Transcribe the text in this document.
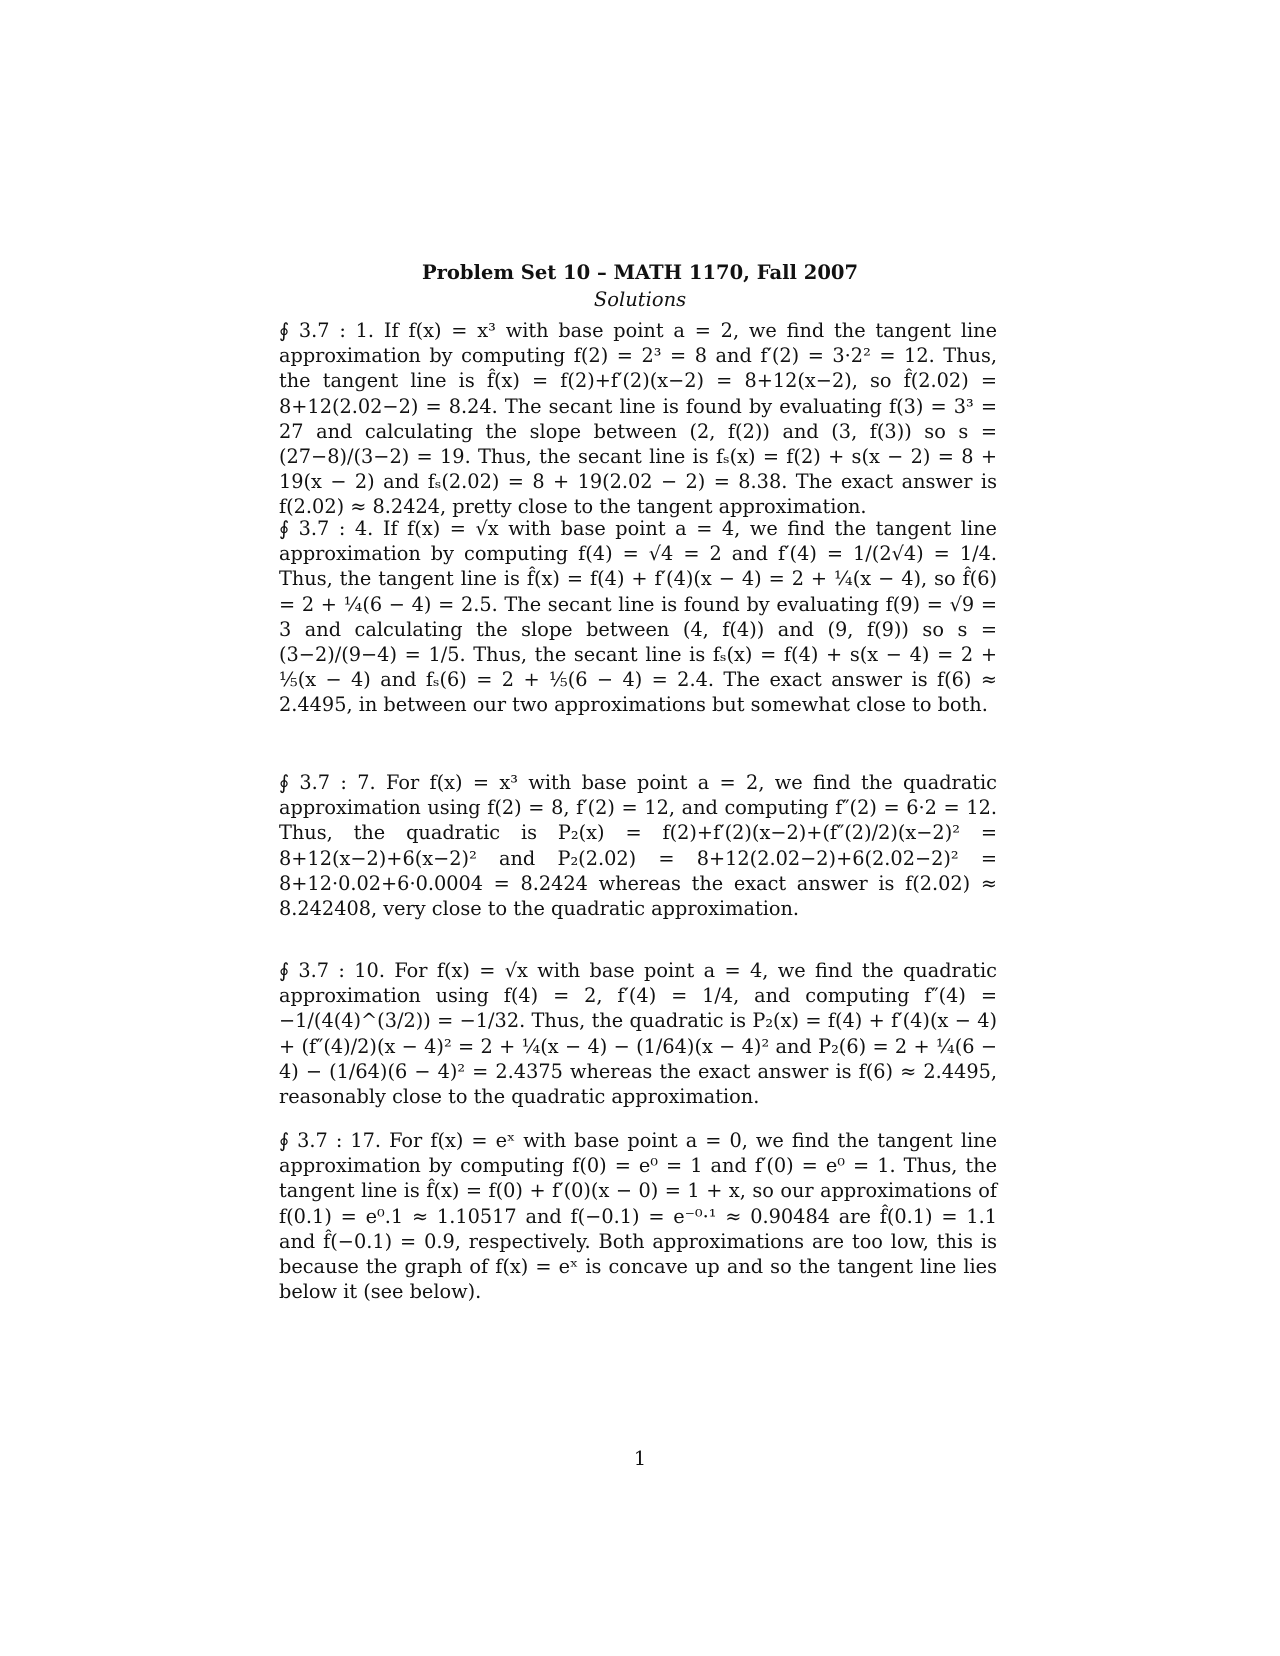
Problem Set 10 – MATH 1170, Fall 2007
Solutions

∮ 3.7 : 1. If f(x) = x³ with base point a = 2, we find the tangent line approximation by computing f(2) = 2³ = 8 and f′(2) = 3·2² = 12. Thus, the tangent line is f̂(x) = f(2)+f′(2)(x−2) = 8+12(x−2), so f̂(2.02) = 8+12(2.02−2) = 8.24. The secant line is found by evaluating f(3) = 3³ = 27 and calculating the slope between (2, f(2)) and (3, f(3)) so s = (27−8)/(3−2) = 19. Thus, the secant line is fₛ(x) = f(2) + s(x − 2) = 8 + 19(x − 2) and fₛ(2.02) = 8 + 19(2.02 − 2) = 8.38. The exact answer is f(2.02) ≈ 8.2424, pretty close to the tangent approximation.

∮ 3.7 : 4. If f(x) = √x with base point a = 4, we find the tangent line approximation by computing f(4) = √4 = 2 and f′(4) = 1/(2√4) = 1/4. Thus, the tangent line is f̂(x) = f(4) + f′(4)(x − 4) = 2 + ¼(x − 4), so f̂(6) = 2 + ¼(6 − 4) = 2.5. The secant line is found by evaluating f(9) = √9 = 3 and calculating the slope between (4, f(4)) and (9, f(9)) so s = (3−2)/(9−4) = 1/5. Thus, the secant line is fₛ(x) = f(4) + s(x − 4) = 2 + ⅕(x − 4) and fₛ(6) = 2 + ⅕(6 − 4) = 2.4. The exact answer is f(6) ≈ 2.4495, in between our two approximations but somewhat close to both.

∮ 3.7 : 7. For f(x) = x³ with base point a = 2, we find the quadratic approximation using f(2) = 8, f′(2) = 12, and computing f″(2) = 6·2 = 12. Thus, the quadratic is P₂(x) = f(2)+f′(2)(x−2)+(f″(2)/2)(x−2)² = 8+12(x−2)+6(x−2)² and P₂(2.02) = 8+12(2.02−2)+6(2.02−2)² = 8+12·0.02+6·0.0004 = 8.2424 whereas the exact answer is f(2.02) ≈ 8.242408, very close to the quadratic approximation.

∮ 3.7 : 10. For f(x) = √x with base point a = 4, we find the quadratic approximation using f(4) = 2, f′(4) = 1/4, and computing f″(4) = −1/(4(4)^(3/2)) = −1/32. Thus, the quadratic is P₂(x) = f(4) + f′(4)(x − 4) + (f″(4)/2)(x − 4)² = 2 + ¼(x − 4) − (1/64)(x − 4)² and P₂(6) = 2 + ¼(6 − 4) − (1/64)(6 − 4)² = 2.4375 whereas the exact answer is f(6) ≈ 2.4495, reasonably close to the quadratic approximation.

∮ 3.7 : 17. For f(x) = eˣ with base point a = 0, we find the tangent line approximation by computing f(0) = e⁰ = 1 and f′(0) = e⁰ = 1. Thus, the tangent line is f̂(x) = f(0) + f′(0)(x − 0) = 1 + x, so our approximations of f(0.1) = e⁰.1 ≈ 1.10517 and f(−0.1) = e⁻⁰·¹ ≈ 0.90484 are f̂(0.1) = 1.1 and f̂(−0.1) = 0.9, respectively. Both approximations are too low, this is because the graph of f(x) = eˣ is concave up and so the tangent line lies below it (see below).

1
